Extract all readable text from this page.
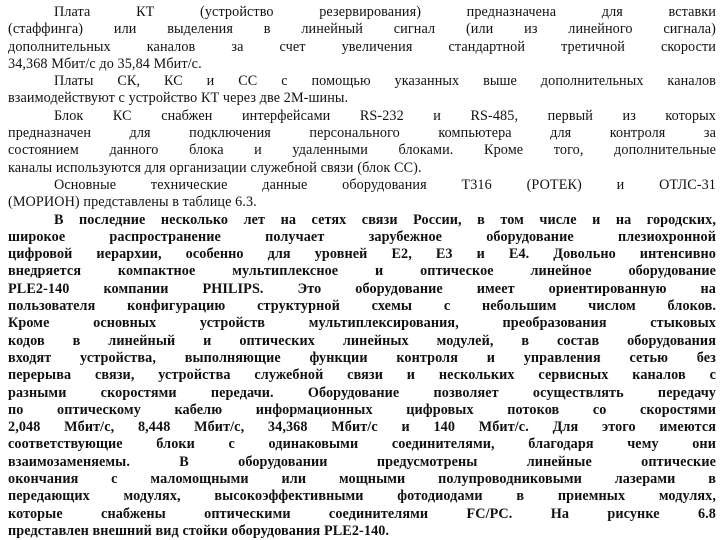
Плата КТ (устройство резервирования) предназначена для вставки
(стаффинга) или выделения в линейный сигнал (или из линейного сигнала)
дополнительных каналов за счет увеличения стандартной третичной скорости
34,368 Мбит/с до 35,84 Мбит/с.
Платы СК, КС и СС с помощью указанных выше дополнительных каналов
взаимодействуют с устройство КТ через две 2М-шины.
Блок КС снабжен интерфейсами RS-232 и RS-485, первый из которых
предназначен для подключения персонального компьютера для контроля за
состоянием данного блока и удаленными блоками. Кроме того, дополнительные
каналы используются для организации служебной связи (блок СС).
Основные технические данные оборудования Т316 (РОТЕК) и ОТЛС-31
(МОРИОН) представлены в таблице 6.3.
В последние несколько лет на сетях связи России, в том числе и на городских,
широкое распространение получает зарубежное оборудование плезиохронной
цифровой иерархии, особенно для уровней Е2, Е3 и Е4. Довольно интенсивно
внедряется компактное мультиплексное и оптическое линейное оборудование
PLE2-140 компании PHILIPS. Это оборудование имеет ориентированную на
пользователя конфигурацию структурной схемы с небольшим числом блоков.
Кроме основных устройств мультиплексирования, преобразования стыковых
кодов в линейный и оптических линейных модулей, в состав оборудования
входят устройства, выполняющие функции контроля и управления сетью без
перерыва связи, устройства служебной связи и нескольких сервисных каналов с
разными скоростями передачи. Оборудование позволяет осуществлять передачу
по оптическому кабелю информационных цифровых потоков со скоростями
2,048 Мбит/с, 8,448 Мбит/с, 34,368 Мбит/с и 140 Мбит/с. Для этого имеются
соответствующие блоки с одинаковыми соединителями, благодаря чему они
взаимозаменяемы. В оборудовании предусмотрены линейные оптические
окончания с маломощными или мощными полупроводниковыми лазерами в
передающих модулях, высокоэффективными фотодиодами в приемных модулях,
которые снабжены оптическими соединителями FC/PC. На рисунке 6.8
представлен внешний вид стойки оборудования PLE2-140.
